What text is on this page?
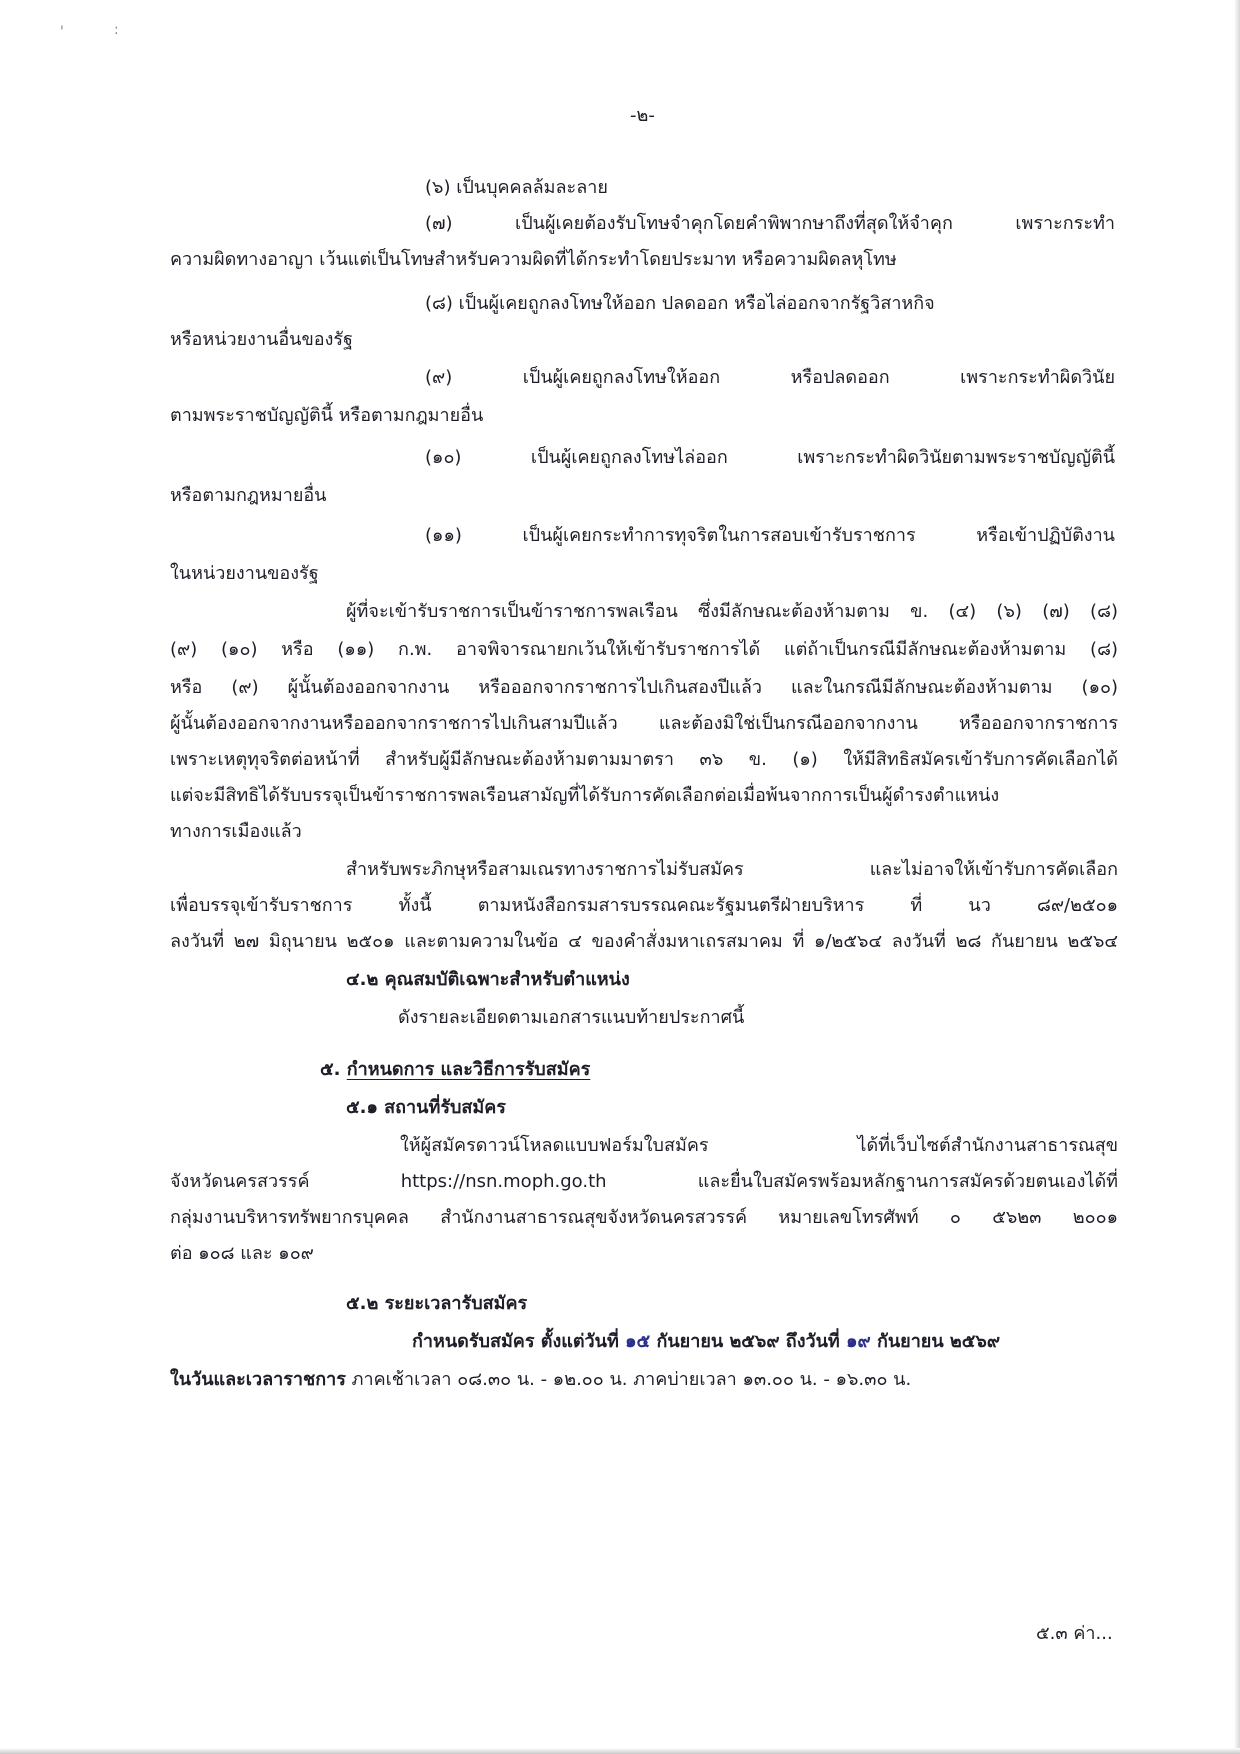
'	:
-๒-
(๖) เป็นบุคคลล้มละลาย
(๗) เป็นผู้เคยต้องรับโทษจำคุกโดยคำพิพากษาถึงที่สุดให้จำคุก เพราะกระทำ
ความผิดทางอาญา เว้นแต่เป็นโทษสำหรับความผิดที่ได้กระทำโดยประมาท หรือความผิดลหุโทษ
(๘) เป็นผู้เคยถูกลงโทษให้ออก ปลดออก หรือไล่ออกจากรัฐวิสาหกิจ
หรือหน่วยงานอื่นของรัฐ
(๙) เป็นผู้เคยถูกลงโทษให้ออก หรือปลดออก เพราะกระทำผิดวินัย
ตามพระราชบัญญัตินี้ หรือตามกฎมายอื่น
(๑๐) เป็นผู้เคยถูกลงโทษไล่ออก เพราะกระทำผิดวินัยตามพระราชบัญญัตินี้
หรือตามกฎหมายอื่น
(๑๑) เป็นผู้เคยกระทำการทุจริตในการสอบเข้ารับราชการ หรือเข้าปฏิบัติงาน
ในหน่วยงานของรัฐ
ผู้ที่จะเข้ารับราชการเป็นข้าราชการพลเรือน ซึ่งมีลักษณะต้องห้ามตาม ข. (๔) (๖) (๗) (๘)
(๙) (๑๐) หรือ (๑๑) ก.พ. อาจพิจารณายกเว้นให้เข้ารับราชการได้ แต่ถ้าเป็นกรณีมีลักษณะต้องห้ามตาม (๘)
หรือ (๙) ผู้นั้นต้องออกจากงาน หรือออกจากราชการไปเกินสองปีแล้ว และในกรณีมีลักษณะต้องห้ามตาม (๑๐)
ผู้นั้นต้องออกจากงานหรือออกจากราชการไปเกินสามปีแล้ว และต้องมิใช่เป็นกรณีออกจากงาน หรือออกจากราชการ
เพราะเหตุทุจริตต่อหน้าที่ สำหรับผู้มีลักษณะต้องห้ามตามมาตรา ๓๖ ข. (๑) ให้มีสิทธิสมัครเข้ารับการคัดเลือกได้
แต่จะมีสิทธิได้รับบรรจุเป็นข้าราชการพลเรือนสามัญที่ได้รับการคัดเลือกต่อเมื่อพ้นจากการเป็นผู้ดำรงตำแหน่ง
ทางการเมืองแล้ว
สำหรับพระภิกษุหรือสามเณรทางราชการไม่รับสมัคร และไม่อาจให้เข้ารับการคัดเลือก
เพื่อบรรจุเข้ารับราชการ ทั้งนี้ ตามหนังสือกรมสารบรรณคณะรัฐมนตรีฝ่ายบริหาร ที่ นว ๘๙/๒๕๐๑
ลงวันที่ ๒๗ มิถุนายน ๒๕๐๑ และตามความในข้อ ๔ ของคำสั่งมหาเถรสมาคม ที่ ๑/๒๕๖๔ ลงวันที่ ๒๘ กันยายน ๒๕๖๔
๔.๒ คุณสมบัติเฉพาะสำหรับตำแหน่ง
ดังรายละเอียดตามเอกสารแนบท้ายประกาศนี้
๕. กำหนดการ และวิธีการรับสมัคร
๕.๑ สถานที่รับสมัคร
ให้ผู้สมัครดาวน์โหลดแบบฟอร์มใบสมัคร ได้ที่เว็บไซต์สำนักงานสาธารณสุข
จังหวัดนครสวรรค์ https://nsn.moph.go.th และยื่นใบสมัครพร้อมหลักฐานการสมัครด้วยตนเองได้ที่
กลุ่มงานบริหารทรัพยากรบุคคล สำนักงานสาธารณสุขจังหวัดนครสวรรค์ หมายเลขโทรศัพท์ ๐ ๕๖๒๓ ๒๐๐๑
ต่อ ๑๐๘ และ ๑๐๙
๕.๒ ระยะเวลารับสมัคร
กำหนดรับสมัคร ตั้งแต่วันที่ ๑๕ กันยายน ๒๕๖๙ ถึงวันที่ ๑๙ กันยายน ๒๕๖๙
ในวันและเวลาราชการ ภาคเช้าเวลา ๐๘.๓๐ น. - ๑๒.๐๐ น. ภาคบ่ายเวลา ๑๓.๐๐ น. - ๑๖.๓๐ น.
๕.๓ ค่า...
